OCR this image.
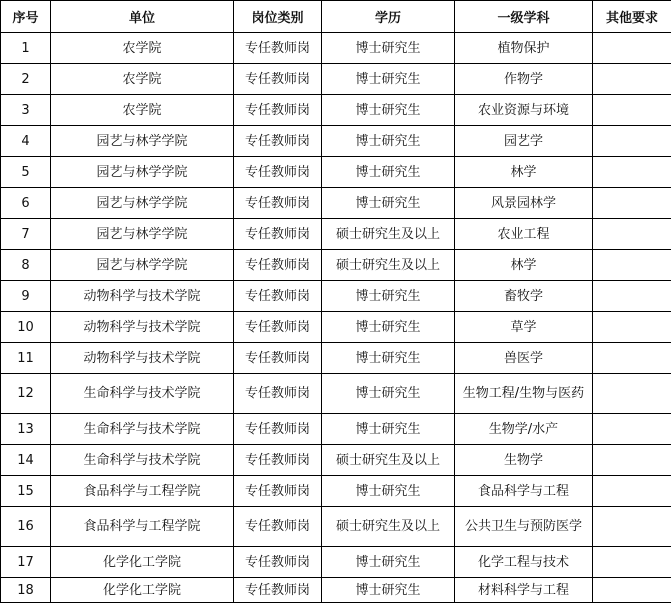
序号	单位	岗位类别	学历	一级学科	其他要求
1	农学院	专任教师岗	博士研究生	植物保护	
2	农学院	专任教师岗	博士研究生	作物学	
3	农学院	专任教师岗	博士研究生	农业资源与环境	
4	园艺与林学学院	专任教师岗	博士研究生	园艺学	
5	园艺与林学学院	专任教师岗	博士研究生	林学	
6	园艺与林学学院	专任教师岗	博士研究生	风景园林学	
7	园艺与林学学院	专任教师岗	硕士研究生及以上	农业工程	
8	园艺与林学学院	专任教师岗	硕士研究生及以上	林学	
9	动物科学与技术学院	专任教师岗	博士研究生	畜牧学	
10	动物科学与技术学院	专任教师岗	博士研究生	草学	
11	动物科学与技术学院	专任教师岗	博士研究生	兽医学	
12	生命科学与技术学院	专任教师岗	博士研究生	生物工程/生物与医药	
13	生命科学与技术学院	专任教师岗	博士研究生	生物学/水产	
14	生命科学与技术学院	专任教师岗	硕士研究生及以上	生物学	
15	食品科学与工程学院	专任教师岗	博士研究生	食品科学与工程	
16	食品科学与工程学院	专任教师岗	硕士研究生及以上	公共卫生与预防医学	
17	化学化工学院	专任教师岗	博士研究生	化学工程与技术	
18	化学化工学院	专任教师岗	博士研究生	材料科学与工程	
